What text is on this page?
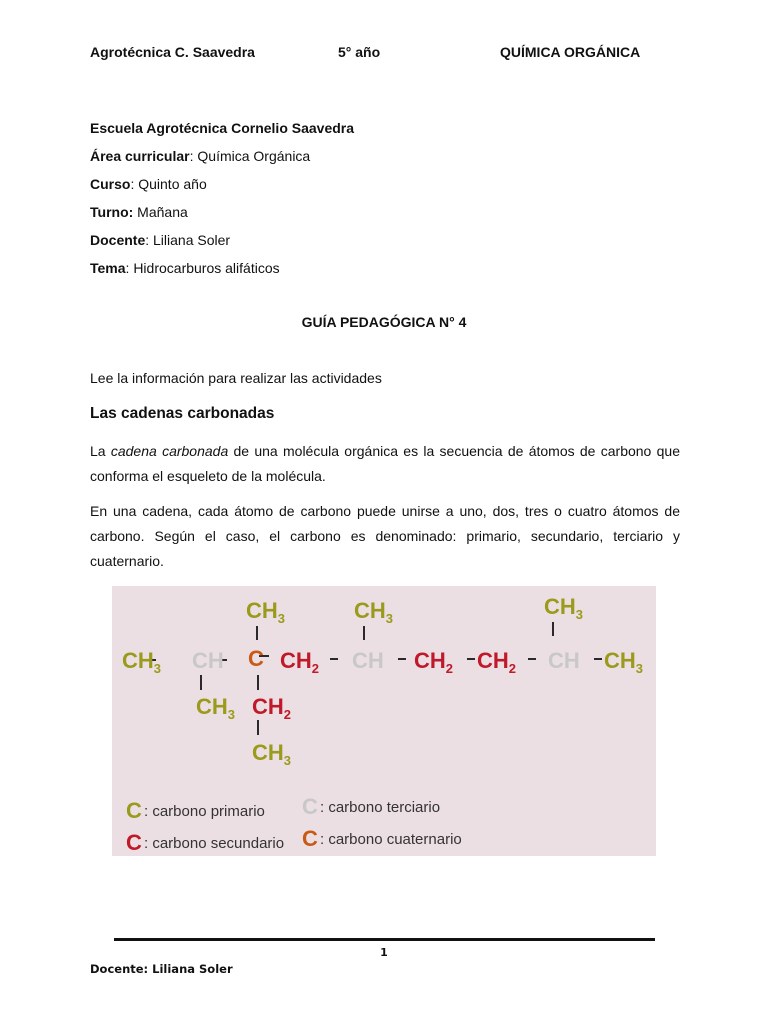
Agrotécnica C. Saavedra	5° año	QUÍMICA ORGÁNICA
Escuela Agrotécnica Cornelio Saavedra
Área curricular: Química Orgánica
Curso: Quinto año
Turno: Mañana
Docente: Liliana Soler
Tema: Hidrocarburos alifáticos
GUÍA PEDAGÓGICA N° 4
Lee la información para realizar las actividades
Las cadenas carbonadas
La cadena carbonada de una molécula orgánica es la secuencia de átomos de carbono que conforma el esqueleto de la molécula.
En una cadena, cada átomo de carbono puede unirse a uno, dos, tres o cuatro átomos de carbono. Según el caso, el carbono es denominado: primario, secundario, terciario y cuaternario.
$CH_3$ CH C $CH_2$ CH $CH_2$ $CH_2$ CH $CH_3$
$CH_3$	$CH_3$	$CH_3$
$CH_3$ $CH_2$
$CH_3$
C : carbono primario
C : carbono secundario
C : carbono terciario
C : carbono cuaternario
1
Docente: Liliana Soler
